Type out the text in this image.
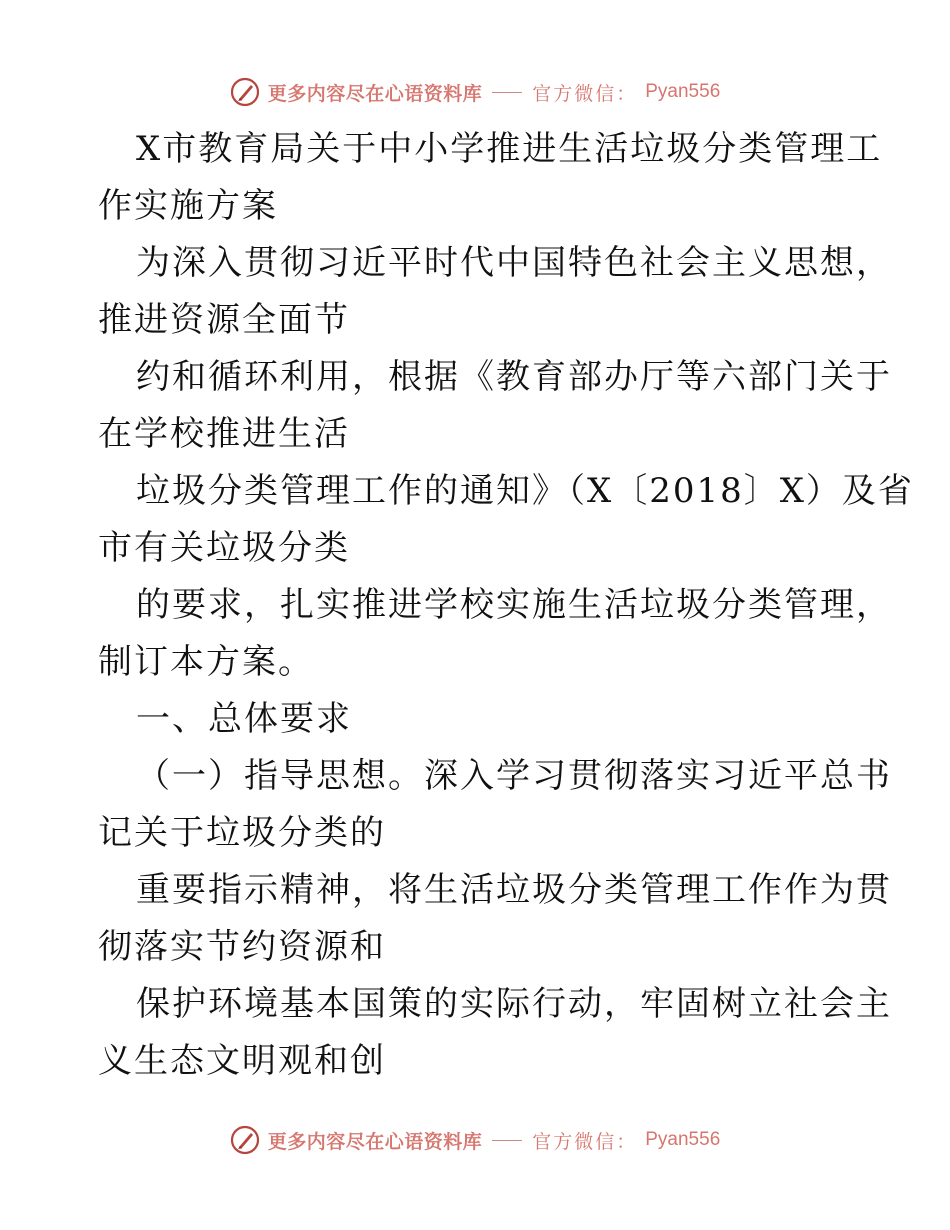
更多内容尽在心语资料库	官方微信： Pyan556
X市教育局关于中小学推进生活垃圾分类管理工
作实施方案
为深入贯彻习近平时代中国特色社会主义思想，
推进资源全面节
约和循环利用，根据《教育部办厅等六部门关于
在学校推进生活
垃圾分类管理工作的通知》（X〔2018〕X）及省
市有关垃圾分类
的要求，扎实推进学校实施生活垃圾分类管理，
制订本方案。
一、总体要求
（一）指导思想。深入学习贯彻落实习近平总书
记关于垃圾分类的
重要指示精神，将生活垃圾分类管理工作作为贯
彻落实节约资源和
保护环境基本国策的实际行动，牢固树立社会主
义生态文明观和创
更多内容尽在心语资料库	官方微信： Pyan556
